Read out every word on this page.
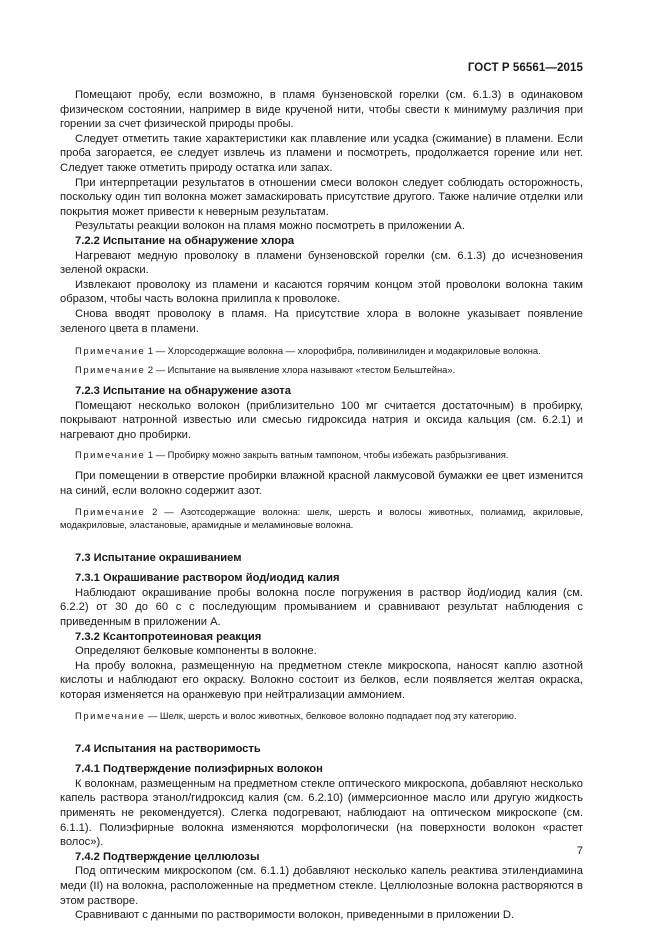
ГОСТ Р 56561—2015

Помещают пробу, если возможно, в пламя бунзеновской горелки (см. 6.1.3) в одинаковом физическом состоянии, например в виде крученой нити, чтобы свести к минимуму различия при горении за счет физической природы пробы.

Следует отметить такие характеристики как плавление или усадка (сжимание) в пламени. Если проба загорается, ее следует извлечь из пламени и посмотреть, продолжается горение или нет. Следует также отметить природу остатка или запах.

При интерпретации результатов в отношении смеси волокон следует соблюдать осторожность, поскольку один тип волокна может замаскировать присутствие другого. Также наличие отделки или покрытия может привести к неверным результатам.

Результаты реакции волокон на пламя можно посмотреть в приложении А.

7.2.2 Испытание на обнаружение хлора

Нагревают медную проволоку в пламени бунзеновской горелки (см. 6.1.3) до исчезновения зеленой окраски.

Извлекают проволоку из пламени и касаются горячим концом этой проволоки волокна таким образом, чтобы часть волокна прилипла к проволоке.

Снова вводят проволоку в пламя. На присутствие хлора в волокне указывает появление зеленого цвета в пламени.

Примечание 1 — Хлорсодержащие волокна — хлорофибра, поливинилиден и модакриловые волокна.

Примечание 2 — Испытание на выявление хлора называют «тестом Бельштейна».

7.2.3 Испытание на обнаружение азота

Помещают несколько волокон (приблизительно 100 мг считается достаточным) в пробирку, покрывают натронной известью или смесью гидроксида натрия и оксида кальция (см. 6.2.1) и нагревают дно пробирки.

Примечание 1 — Пробирку можно закрыть ватным тампоном, чтобы избежать разбрызгивания.

При помещении в отверстие пробирки влажной красной лакмусовой бумажки ее цвет изменится на синий, если волокно содержит азот.

Примечание 2 — Азотсодержащие волокна: шелк, шерсть и волосы животных, полиамид, акриловые, модакриловые, эластановые, арамидные и меламиновые волокна.

7.3 Испытание окрашиванием

7.3.1 Окрашивание раствором йод/иодид калия

Наблюдают окрашивание пробы волокна после погружения в раствор йод/иодид калия (см. 6.2.2) от 30 до 60 с с последующим промыванием и сравнивают результат наблюдения с приведенным в приложении А.

7.3.2 Ксантопротеиновая реакция

Определяют белковые компоненты в волокне.

На пробу волокна, размещенную на предметном стекле микроскопа, наносят каплю азотной кислоты и наблюдают его окраску. Волокно состоит из белков, если появляется желтая окраска, которая изменяется на оранжевую при нейтрализации аммонием.

Примечание — Шелк, шерсть и волос животных, белковое волокно подпадает под эту категорию.

7.4 Испытания на растворимость

7.4.1 Подтверждение полиэфирных волокон

К волокнам, размещенным на предметном стекле оптического микроскопа, добавляют несколько капель раствора этанол/гидроксид калия (см. 6.2.10) (иммерсионное масло или другую жидкость применять не рекомендуется). Слегка подогревают, наблюдают на оптическом микроскопе (см. 6.1.1). Полиэфирные волокна изменяются морфологически (на поверхности волокон «растет волос»).

7.4.2 Подтверждение целлюлозы

Под оптическим микроскопом (см. 6.1.1) добавляют несколько капель реактива этилендиамина меди (II) на волокна, расположенные на предметном стекле. Целлюлозные волокна растворяются в этом растворе.

Сравнивают с данными по растворимости волокон, приведенными в приложении D.

7
